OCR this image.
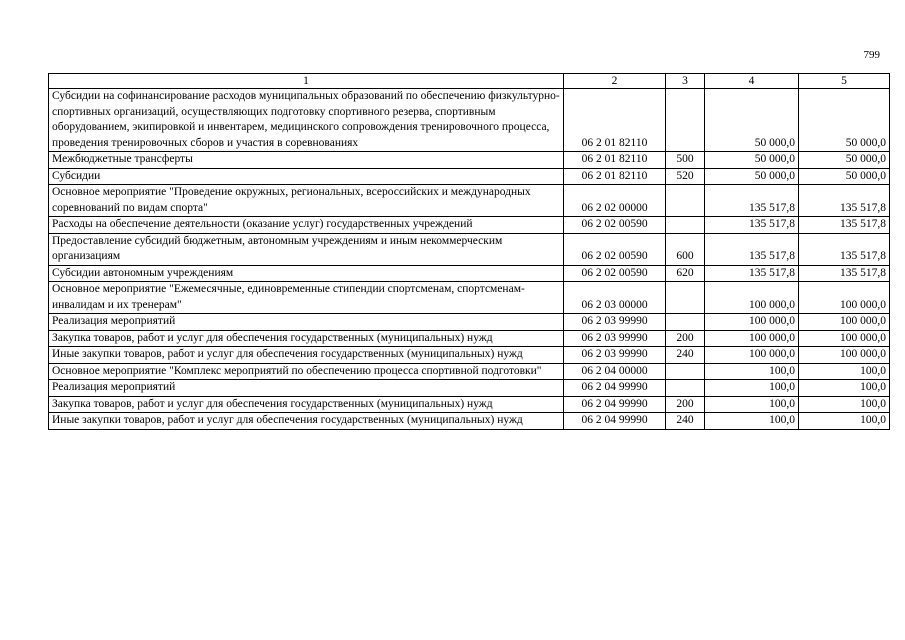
799
1	2	3	4	5
Субсидии на софинансирование расходов муниципальных образований по обеспечению физкультурно-спортивных организаций, осуществляющих подготовку спортивного резерва, спортивным оборудованием, экипировкой и инвентарем, медицинского сопровождения тренировочного процесса, проведения тренировочных сборов и участия в соревнованиях	06 2 01 82110		50 000,0	50 000,0
Межбюджетные трансферты	06 2 01 82110	500	50 000,0	50 000,0
Субсидии	06 2 01 82110	520	50 000,0	50 000,0
Основное мероприятие "Проведение окружных, региональных, всероссийских и международных соревнований по видам спорта"	06 2 02 00000		135 517,8	135 517,8
Расходы на обеспечение деятельности (оказание услуг) государственных учреждений	06 2 02 00590		135 517,8	135 517,8
Предоставление субсидий бюджетным, автономным учреждениям и иным некоммерческим организациям	06 2 02 00590	600	135 517,8	135 517,8
Субсидии автономным учреждениям	06 2 02 00590	620	135 517,8	135 517,8
Основное мероприятие "Ежемесячные, единовременные стипендии спортсменам, спортсменам-инвалидам и их тренерам"	06 2 03 00000		100 000,0	100 000,0
Реализация мероприятий	06 2 03 99990		100 000,0	100 000,0
Закупка товаров, работ и услуг для обеспечения государственных (муниципальных) нужд	06 2 03 99990	200	100 000,0	100 000,0
Иные закупки товаров, работ и услуг для обеспечения государственных (муниципальных) нужд	06 2 03 99990	240	100 000,0	100 000,0
Основное мероприятие "Комплекс мероприятий по обеспечению процесса спортивной подготовки"	06 2 04 00000		100,0	100,0
Реализация мероприятий	06 2 04 99990		100,0	100,0
Закупка товаров, работ и услуг для обеспечения государственных (муниципальных) нужд	06 2 04 99990	200	100,0	100,0
Иные закупки товаров, работ и услуг для обеспечения государственных (муниципальных) нужд	06 2 04 99990	240	100,0	100,0
